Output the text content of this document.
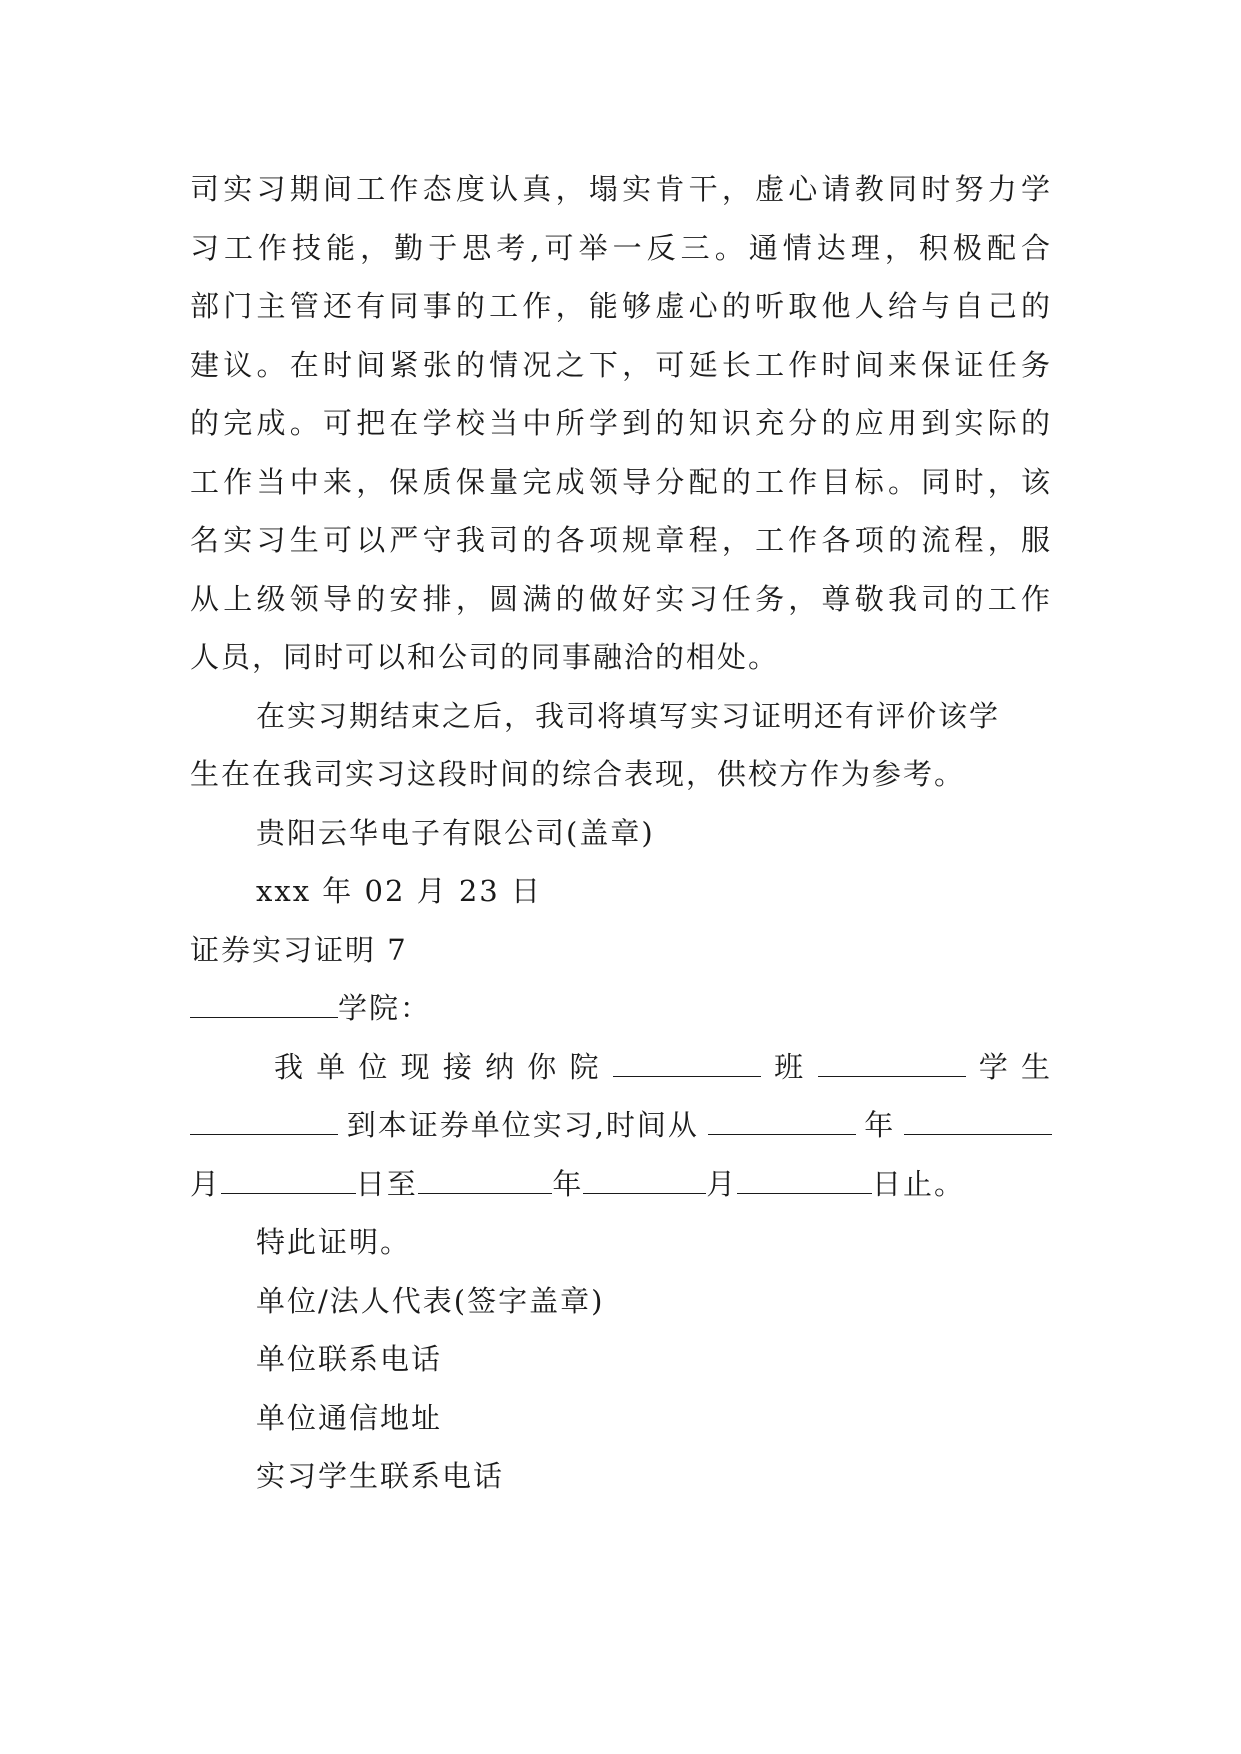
司实习期间工作态度认真，塌实肯干，虚心请教同时努力学
习工作技能，勤于思考,可举一反三。通情达理，积极配合
部门主管还有同事的工作，能够虚心的听取他人给与自己的
建议。在时间紧张的情况之下，可延长工作时间来保证任务
的完成。可把在学校当中所学到的知识充分的应用到实际的
工作当中来，保质保量完成领导分配的工作目标。同时，该
名实习生可以严守我司的各项规章程，工作各项的流程，服
从上级领导的安排，圆满的做好实习任务，尊敬我司的工作
人员，同时可以和公司的同事融洽的相处。
在实习期结束之后，我司将填写实习证明还有评价该学
生在在我司实习这段时间的综合表现，供校方作为参考。
贵阳云华电子有限公司(盖章)
xxx 年 02 月 23 日
证券实习证明 7
学院：
我 单 位 现 接 纳 你 院	班	学 生
到本证券单位实习,时间从	年
月	日至	年	月	日止。
特此证明。
单位/法人代表(签字盖章)
单位联系电话
单位通信地址
实习学生联系电话
